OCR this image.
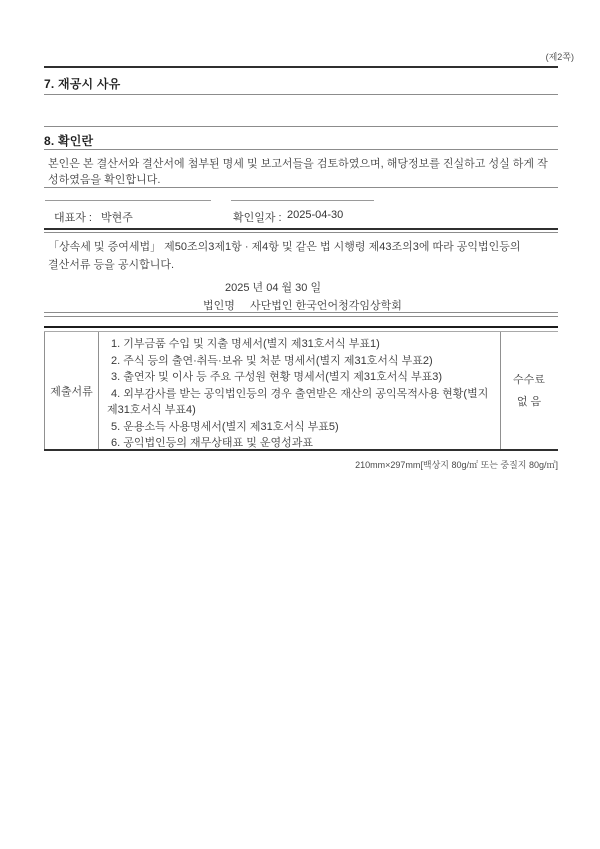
(제2쪽)
7. 재공시 사유
8. 확인란
본인은 본 결산서와 결산서에 첨부된 명세 및 보고서들을 검토하였으며, 해당정보를 진실하고 성실 하게 작성하였음을 확인합니다.
대표자 : 박현주	확인일자 : 2025-04-30
「상속세 및 증여세법」 제50조의3제1항 · 제4항 및 같은 법 시행령 제43조의3에 따라 공익법인등의
결산서류 등을 공시합니다.
2025 년 04 월 30 일
법인명 사단법인 한국언어청각임상학회
제출서류
1. 기부금품 수입 및 지출 명세서(별지 제31호서식 부표1)
2. 주식 등의 출연·취득·보유 및 처분 명세서(별지 제31호서식 부표2)
3. 출연자 및 이사 등 주요 구성원 현황 명세서(별지 제31호서식 부표3)
4. 외부감사를 받는 공익법인등의 경우 출연받은 재산의 공익목적사용 현황(별지 제31호서식 부표4)
5. 운용소득 사용명세서(별지 제31호서식 부표5)
6. 공익법인등의 재무상태표 및 운영성과표
수수료
없 음
210mm×297mm[백상지 80g/㎡ 또는 중질지 80g/㎡]
